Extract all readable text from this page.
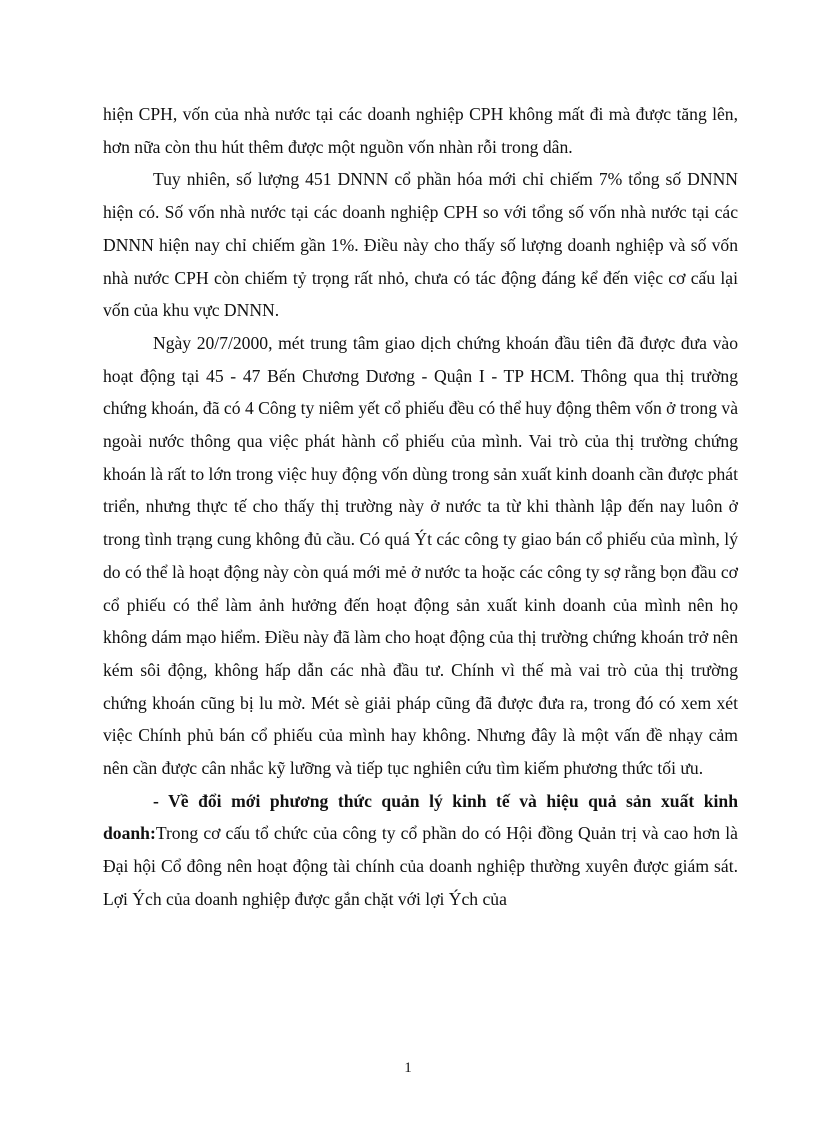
hiện CPH, vốn của nhà nước tại các doanh nghiệp CPH không mất đi mà được tăng lên, hơn nữa còn thu hút thêm được một nguồn vốn nhàn rỗi trong dân.

Tuy nhiên, số lượng 451 DNNN cổ phần hóa mới chỉ chiếm 7% tổng số DNNN hiện có. Số vốn nhà nước tại các doanh nghiệp CPH so với tổng số vốn nhà nước tại các DNNN hiện nay chỉ chiếm gần 1%. Điều này cho thấy số lượng doanh nghiệp và số vốn nhà nước CPH còn chiếm tỷ trọng rất nhỏ, chưa có tác động đáng kể đến việc cơ cấu lại vốn của khu vực DNNN.

Ngày 20/7/2000, mét trung tâm giao dịch chứng khoán đầu tiên đã được đưa vào hoạt động tại 45 - 47 Bến Chương Dương - Quận I - TP HCM. Thông qua thị trường chứng khoán, đã có 4 Công ty niêm yết cổ phiếu đều có thể huy động thêm vốn ở trong và ngoài nước thông qua việc phát hành cổ phiếu của mình. Vai trò của thị trường chứng khoán là rất to lớn trong việc huy động vốn dùng trong sản xuất kinh doanh cần được phát triển, nhưng thực tế cho thấy thị trường này ở nước ta từ khi thành lập đến nay luôn ở trong tình trạng cung không đủ cầu. Có quá Ýt các công ty giao bán cổ phiếu của mình, lý do có thể là hoạt động này còn quá mới mẻ ở nước ta hoặc các công ty sợ rằng bọn đầu cơ cổ phiếu có thể làm ảnh hưởng đến hoạt động sản xuất kinh doanh của mình nên họ không dám mạo hiểm. Điều này đã làm cho hoạt động của thị trường chứng khoán trở nên kém sôi động, không hấp dẫn các nhà đầu tư. Chính vì thế mà vai trò của thị trường chứng khoán cũng bị lu mờ. Mét sè giải pháp cũng đã được đưa ra, trong đó có xem xét việc Chính phủ bán cổ phiếu của mình hay không. Nhưng đây là một vấn đề nhạy cảm nên cần được cân nhắc kỹ lưỡng và tiếp tục nghiên cứu tìm kiếm phương thức tối ưu.

- Về đổi mới phương thức quản lý kinh tế và hiệu quả sản xuất kinh doanh:Trong cơ cấu tổ chức của công ty cổ phần do có Hội đồng Quản trị và cao hơn là Đại hội Cổ đông nên hoạt động tài chính của doanh nghiệp thường xuyên được giám sát. Lợi Ých của doanh nghiệp được gắn chặt với lợi Ých của

1
